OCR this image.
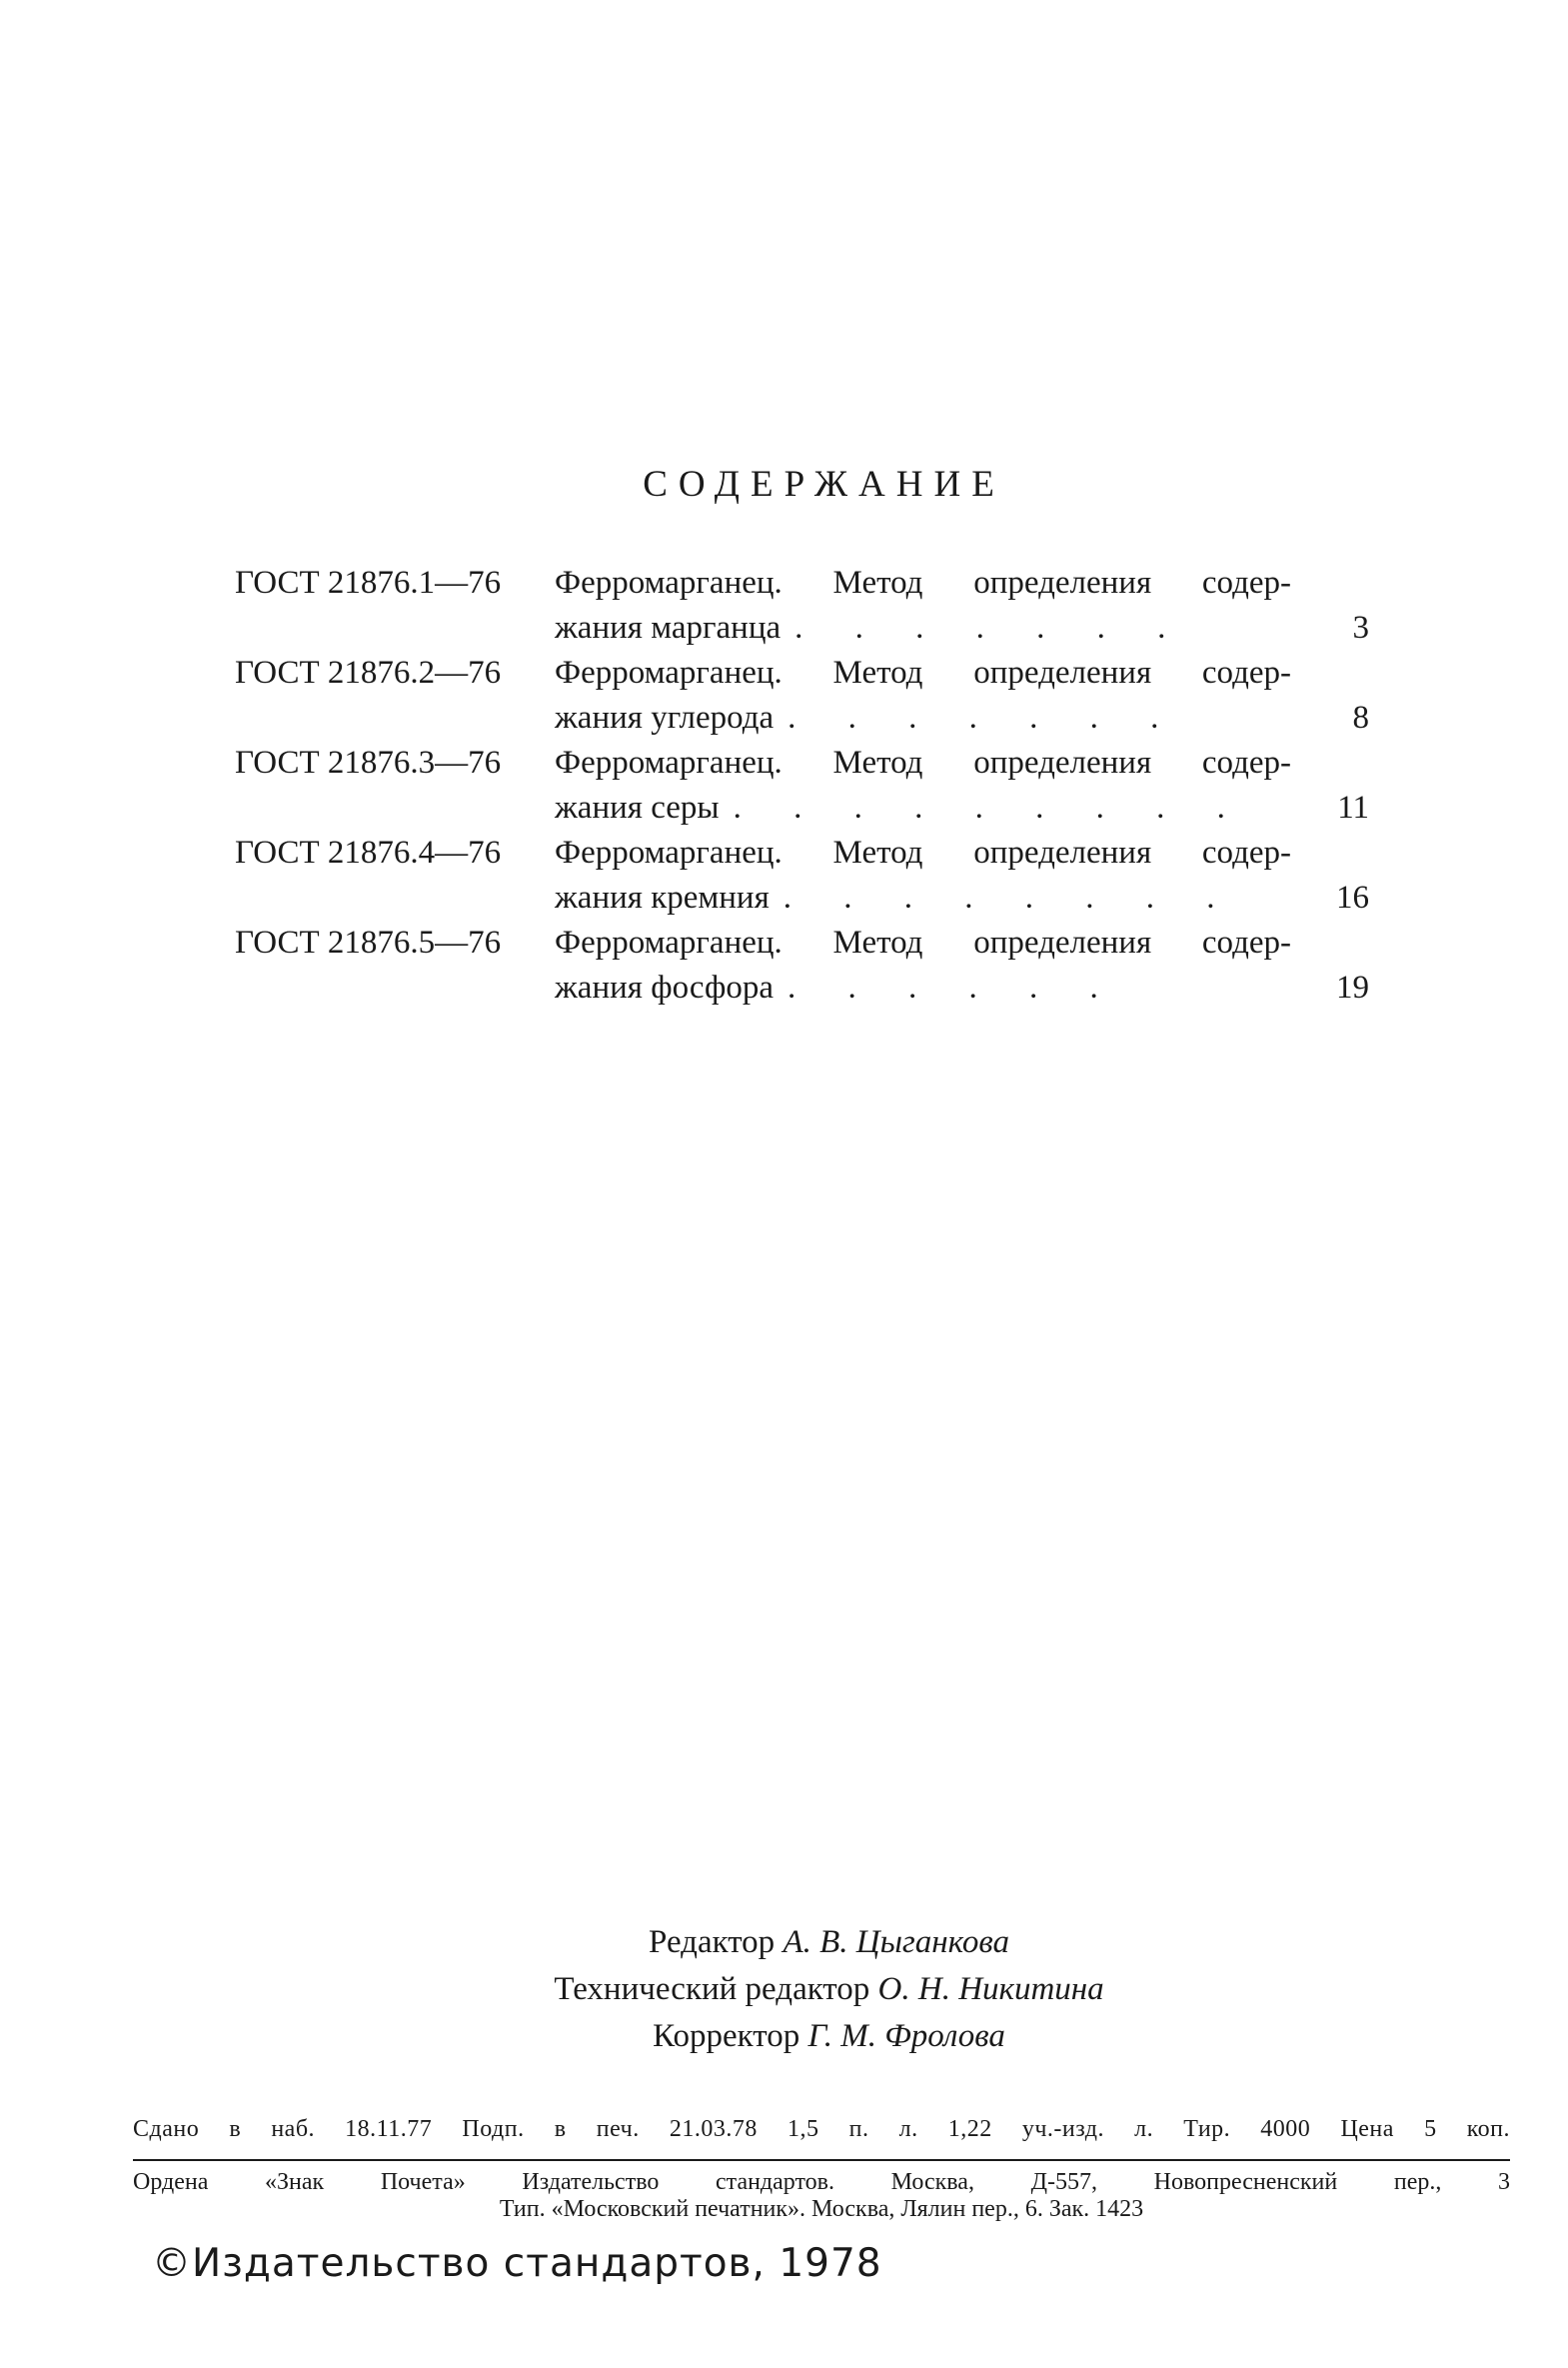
СОДЕРЖАНИЕ
ГОСТ 21876.1—76 Ферромарганец. Метод определения содер-
жания марганца . . . . . . .	3
ГОСТ 21876.2—76 Ферромарганец. Метод определения содер-
жания углерода . . . . . . .	8
ГОСТ 21876.3—76 Ферромарганец. Метод определения содер-
жания серы . . . . . . . . .	11
ГОСТ 21876.4—76 Ферромарганец. Метод определения содер-
жания кремния . . . . . . . .	16
ГОСТ 21876.5—76 Ферромарганец. Метод определения содер-
жания фосфора . . . . . .	19
Редактор А. В. Цыганкова
Технический редактор О. Н. Никитина
Корректор Г. М. Фролова
Сдано в наб. 18.11.77 Подп. в печ. 21.03.78 1,5 п. л. 1,22 уч.-изд. л. Тир. 4000 Цена 5 коп.
Ордена «Знак Почета» Издательство стандартов. Москва, Д-557, Новопресненский пер., 3
Тип. «Московский печатник». Москва, Лялин пер., 6. Зак. 1423
©Издательство стандартов, 1978
